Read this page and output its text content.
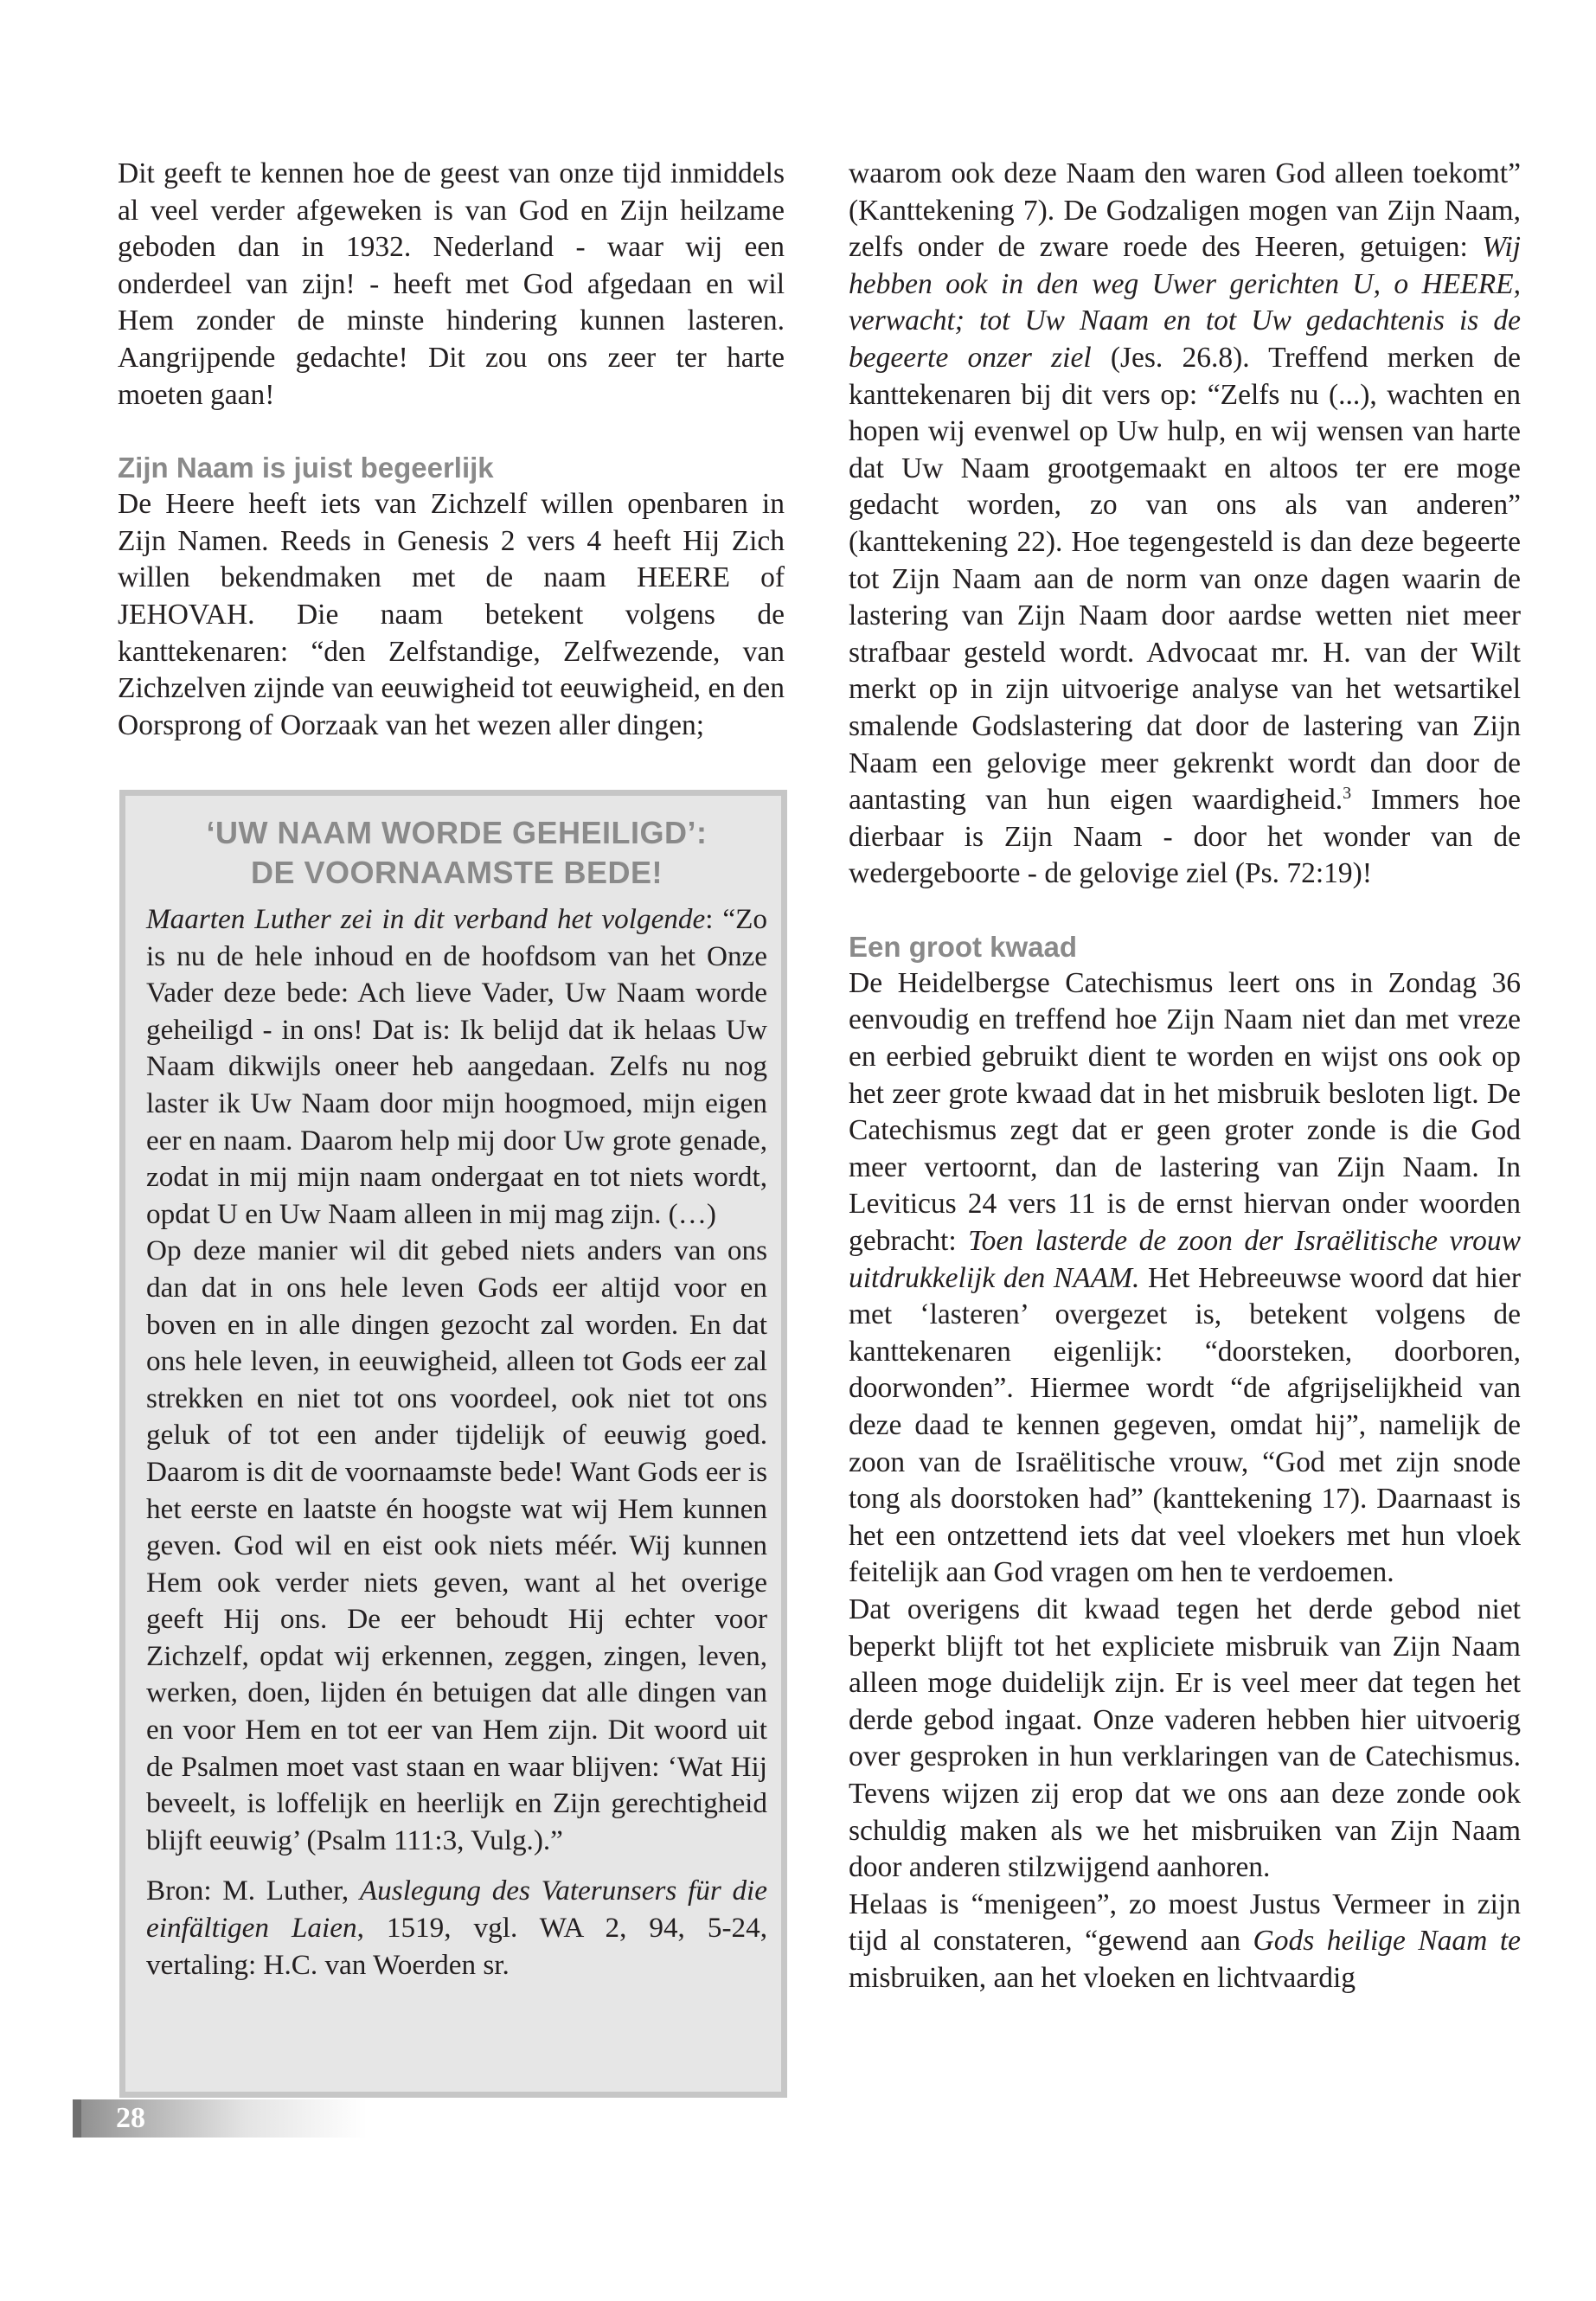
Dit geeft te kennen hoe de geest van onze tijd inmiddels al veel verder afgeweken is van God en Zijn heilzame geboden dan in 1932. Nederland - waar wij een onderdeel van zijn! - heeft met God afgedaan en wil Hem zonder de minste hindering kunnen lasteren. Aangrijpende gedachte! Dit zou ons zeer ter harte moeten gaan!

Zijn Naam is juist begeerlijk

De Heere heeft iets van Zichzelf willen openbaren in Zijn Namen. Reeds in Genesis 2 vers 4 heeft Hij Zich willen bekendmaken met de naam HEERE of JEHOVAH. Die naam betekent volgens de kanttekenaren: “den Zelfstandige, Zelfwezende, van Zichzelven zijnde van eeuwigheid tot eeuwigheid, en den Oorsprong of Oorzaak van het wezen aller dingen;

‘UW NAAM WORDE GEHEILIGD’:
DE VOORNAAMSTE BEDE!

Maarten Luther zei in dit verband het volgende: “Zo is nu de hele inhoud en de hoofdsom van het Onze Vader deze bede: Ach lieve Vader, Uw Naam worde geheiligd - in ons! Dat is: Ik belijd dat ik helaas Uw Naam dikwijls oneer heb aangedaan. Zelfs nu nog laster ik Uw Naam door mijn hoogmoed, mijn eigen eer en naam. Daarom help mij door Uw grote genade, zodat in mij mijn naam ondergaat en tot niets wordt, opdat U en Uw Naam alleen in mij mag zijn. (…)

Op deze manier wil dit gebed niets anders van ons dan dat in ons hele leven Gods eer altijd voor en boven en in alle dingen gezocht zal worden. En dat ons hele leven, in eeuwigheid, alleen tot Gods eer zal strekken en niet tot ons voordeel, ook niet tot ons geluk of tot een ander tijdelijk of eeuwig goed. Daarom is dit de voornaamste bede! Want Gods eer is het eerste en laatste én hoogste wat wij Hem kunnen geven. God wil en eist ook niets méér. Wij kunnen Hem ook verder niets geven, want al het overige geeft Hij ons. De eer behoudt Hij echter voor Zichzelf, opdat wij erkennen, zeggen, zingen, leven, werken, doen, lijden én betuigen dat alle dingen van en voor Hem en tot eer van Hem zijn. Dit woord uit de Psalmen moet vast staan en waar blijven: ‘Wat Hij beveelt, is loffelijk en heerlijk en Zijn gerechtigheid blijft eeuwig’ (Psalm 111:3, Vulg.).”

Bron: M. Luther, Auslegung des Vaterunsers für die einfältigen Laien, 1519, vgl. WA 2, 94, 5-24, vertaling: H.C. van Woerden sr.

waarom ook deze Naam den waren God alleen toekomt” (Kanttekening 7). De Godzaligen mogen van Zijn Naam, zelfs onder de zware roede des Heeren, getuigen: Wij hebben ook in den weg Uwer gerichten U, o HEERE, verwacht; tot Uw Naam en tot Uw gedachtenis is de begeerte onzer ziel (Jes. 26.8). Treffend merken de kanttekenaren bij dit vers op: “Zelfs nu (...), wachten en hopen wij evenwel op Uw hulp, en wij wensen van harte dat Uw Naam grootgemaakt en altoos ter ere moge gedacht worden, zo van ons als van anderen” (kanttekening 22). Hoe tegengesteld is dan deze begeerte tot Zijn Naam aan de norm van onze dagen waarin de lastering van Zijn Naam door aardse wetten niet meer strafbaar gesteld wordt. Advocaat mr. H. van der Wilt merkt op in zijn uitvoerige analyse van het wetsartikel smalende Godslastering dat door de lastering van Zijn Naam een gelovige meer gekrenkt wordt dan door de aantasting van hun eigen waardigheid.$^3$ Immers hoe dierbaar is Zijn Naam - door het wonder van de wedergeboorte - de gelovige ziel (Ps. 72:19)!

Een groot kwaad

De Heidelbergse Catechismus leert ons in Zondag 36 eenvoudig en treffend hoe Zijn Naam niet dan met vreze en eerbied gebruikt dient te worden en wijst ons ook op het zeer grote kwaad dat in het misbruik besloten ligt. De Catechismus zegt dat er geen groter zonde is die God meer vertoornt, dan de lastering van Zijn Naam. In Leviticus 24 vers 11 is de ernst hiervan onder woorden gebracht: Toen lasterde de zoon der Israëlitische vrouw uitdrukkelijk den NAAM. Het Hebreeuwse woord dat hier met ‘lasteren’ overgezet is, betekent volgens de kanttekenaren eigenlijk: “doorsteken, doorboren, doorwonden”. Hiermee wordt “de afgrijselijkheid van deze daad te kennen gegeven, omdat hij”, namelijk de zoon van de Israëlitische vrouw, “God met zijn snode tong als doorstoken had” (kanttekening 17). Daarnaast is het een ontzettend iets dat veel vloekers met hun vloek feitelijk aan God vragen om hen te verdoemen.

Dat overigens dit kwaad tegen het derde gebod niet beperkt blijft tot het expliciete misbruik van Zijn Naam alleen moge duidelijk zijn. Er is veel meer dat tegen het derde gebod ingaat. Onze vaderen hebben hier uitvoerig over gesproken in hun verklaringen van de Catechismus. Tevens wijzen zij erop dat we ons aan deze zonde ook schuldig maken als we het misbruiken van Zijn Naam door anderen stilzwijgend aanhoren.

Helaas is “menigeen”, zo moest Justus Vermeer in zijn tijd al constateren, “gewend aan Gods heilige Naam te misbruiken, aan het vloeken en lichtvaardig

28
